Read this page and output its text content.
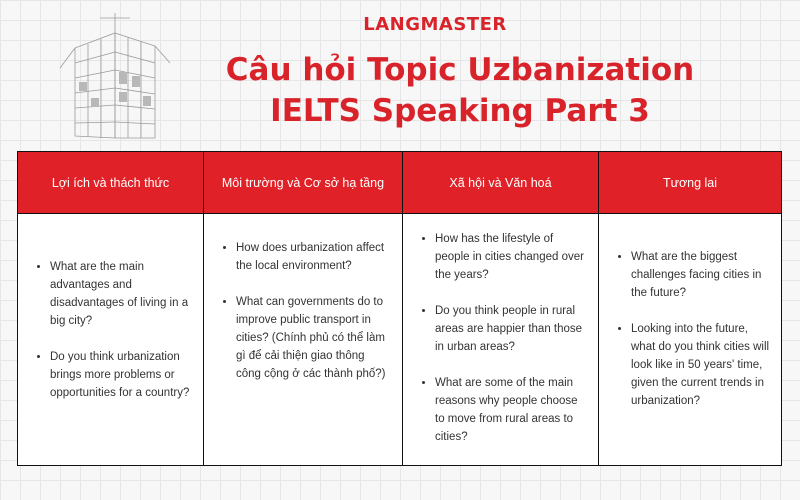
LANGMASTER
Câu hỏi Topic Uzbanization
IELTS Speaking Part 3
Lợi ích và thách thức
• What are the main advantages and disadvantages of living in a big city?
• Do you think urbanization brings more problems or opportunities for a country?
Môi trường và Cơ sở hạ tầng
• How does urbanization affect the local environment?
• What can governments do to improve public transport in cities? (Chính phủ có thể làm gì để cải thiện giao thông công cộng ở các thành phố?)
Xã hội và Văn hoá
• How has the lifestyle of people in cities changed over the years?
• Do you think people in rural areas are happier than those in urban areas?
• What are some of the main reasons why people choose to move from rural areas to cities?
Tương lai
• What are the biggest challenges facing cities in the future?
• Looking into the future, what do you think cities will look like in 50 years' time, given the current trends in urbanization?
